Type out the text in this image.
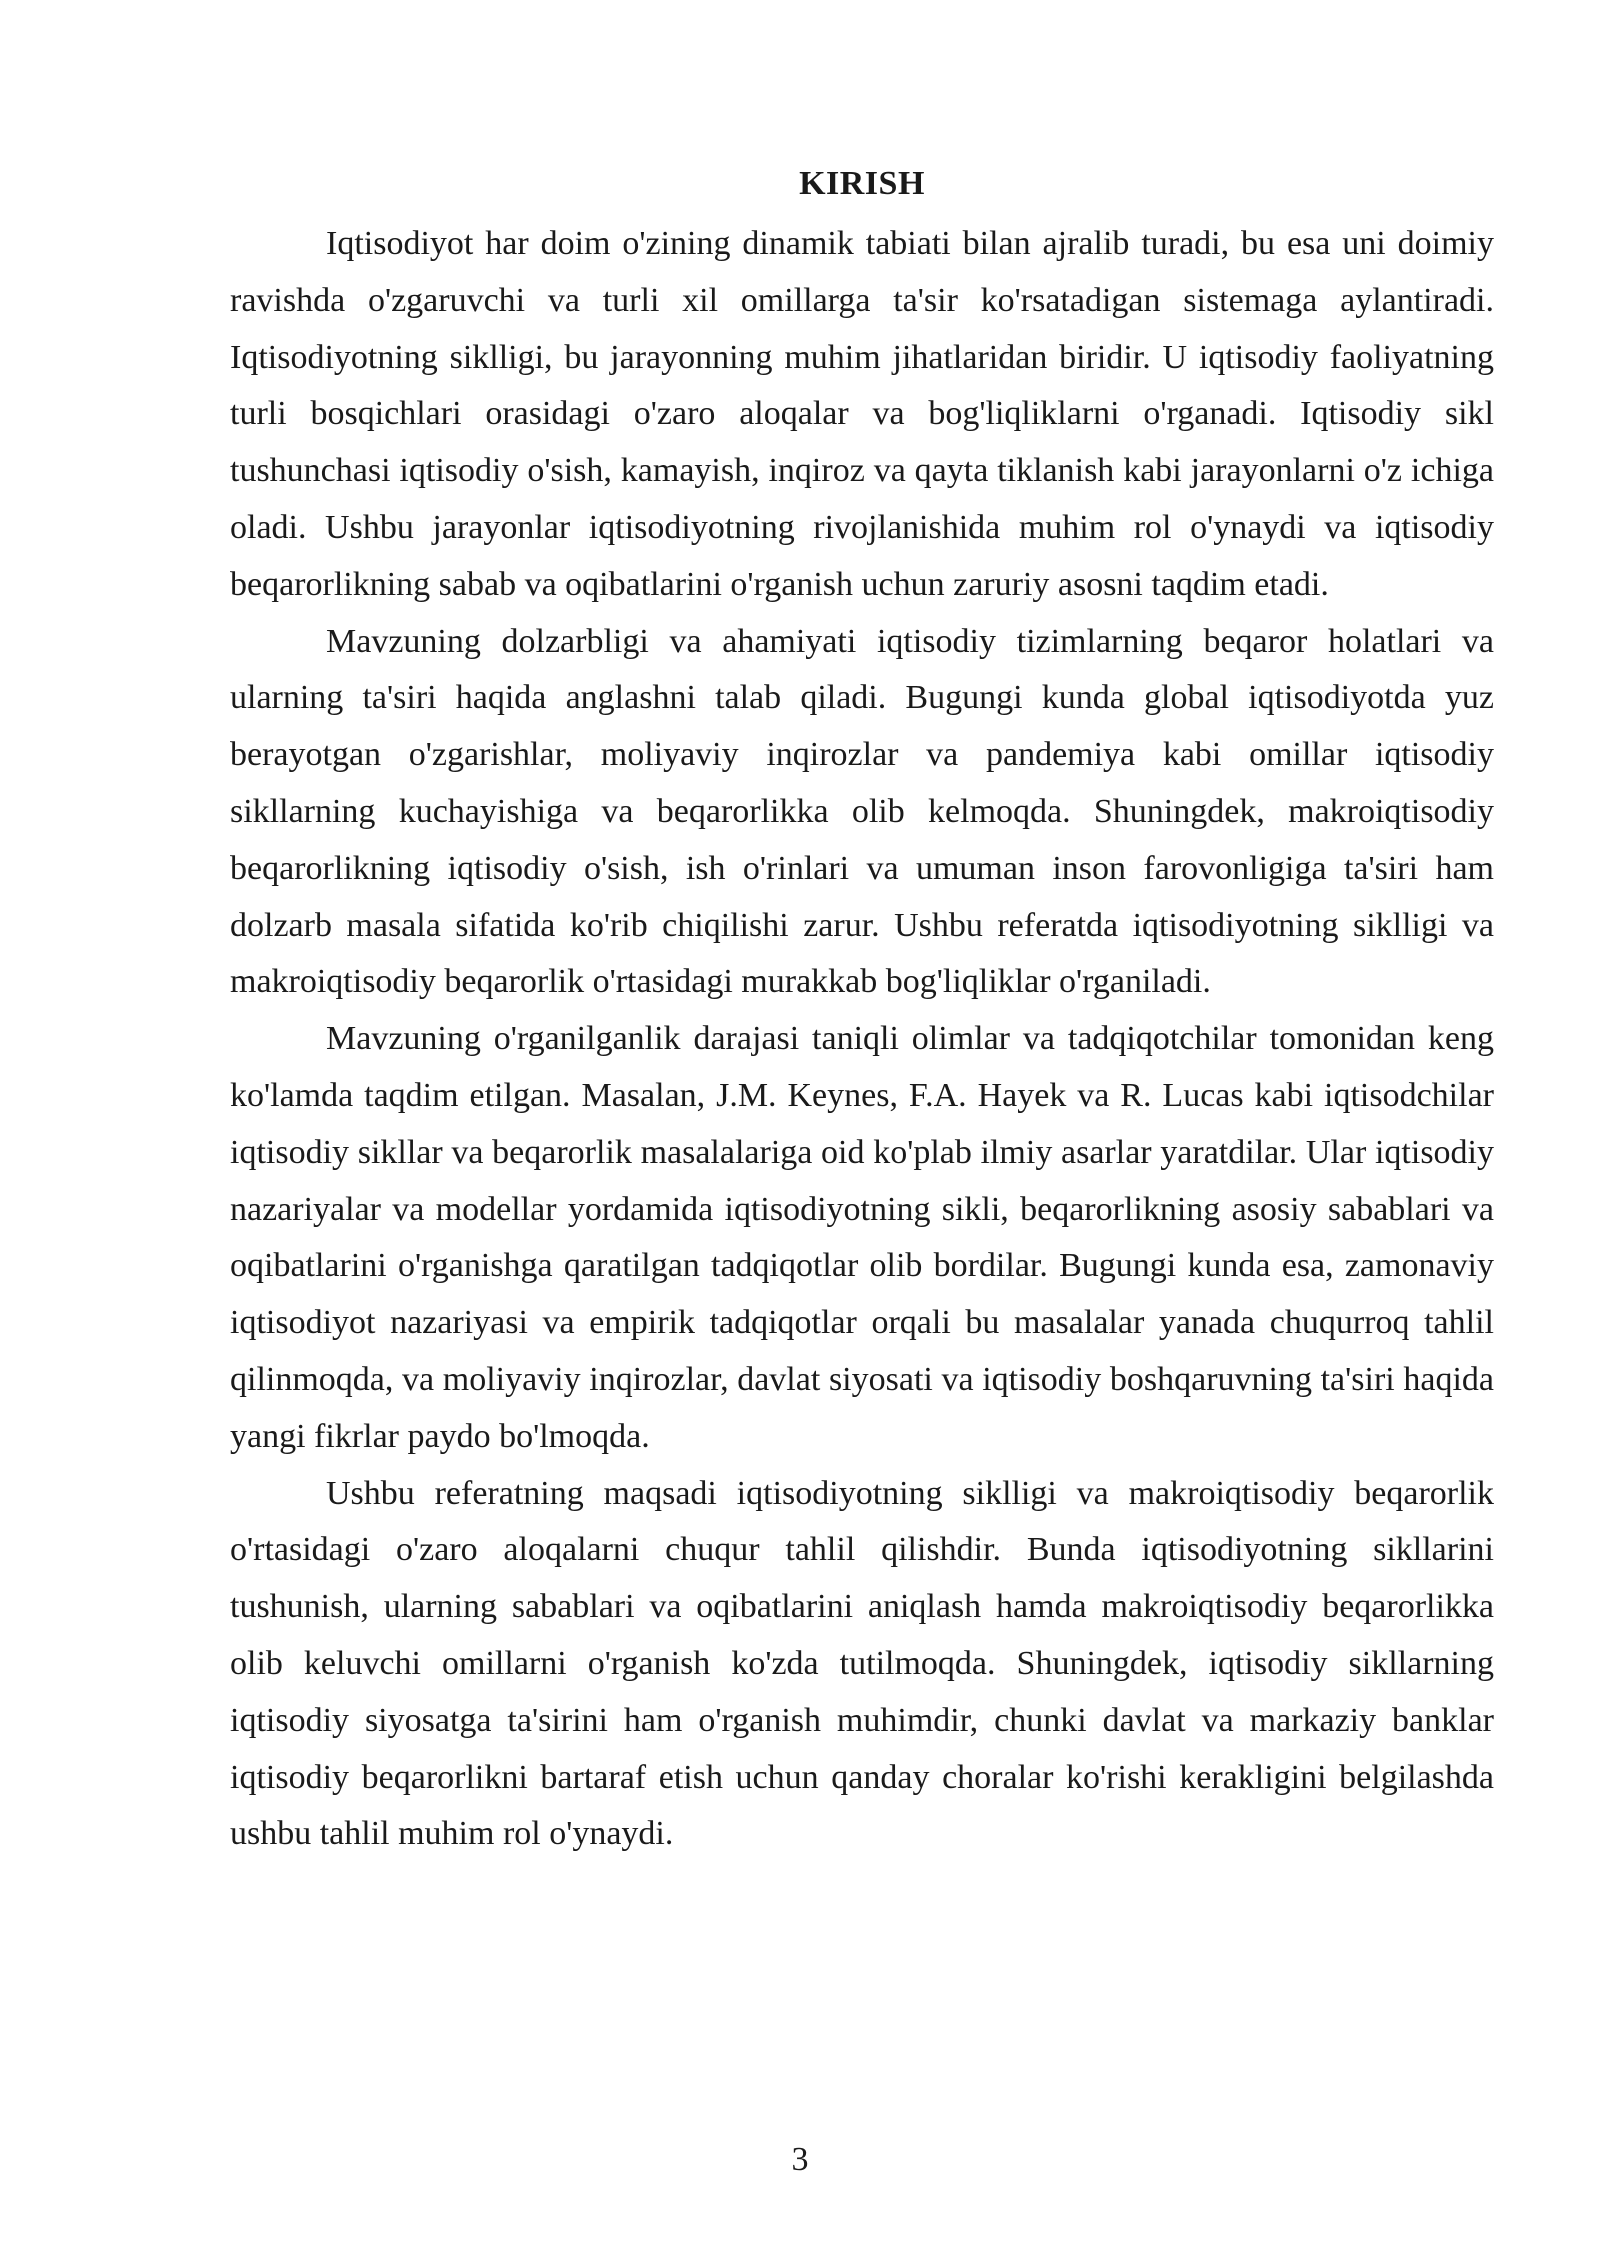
KIRISH

Iqtisodiyot har doim o'zining dinamik tabiati bilan ajralib turadi, bu esa uni doimiy ravishda o'zgaruvchi va turli xil omillarga ta'sir ko'rsatadigan sistemaga aylantiradi. Iqtisodiyotning siklligi, bu jarayonning muhim jihatlaridan biridir. U iqtisodiy faoliyatning turli bosqichlari orasidagi o'zaro aloqalar va bog'liqliklarni o'rganadi. Iqtisodiy sikl tushunchasi iqtisodiy o'sish, kamayish, inqiroz va qayta tiklanish kabi jarayonlarni o'z ichiga oladi. Ushbu jarayonlar iqtisodiyotning rivojlanishida muhim rol o'ynaydi va iqtisodiy beqarorlikning sabab va oqibatlarini o'rganish uchun zaruriy asosni taqdim etadi.

Mavzuning dolzarbligi va ahamiyati iqtisodiy tizimlarning beqaror holatlari va ularning ta'siri haqida anglashni talab qiladi. Bugungi kunda global iqtisodiyotda yuz berayotgan o'zgarishlar, moliyaviy inqirozlar va pandemiya kabi omillar iqtisodiy sikllarning kuchayishiga va beqarorlikka olib kelmoqda. Shuningdek, makroiqtisodiy beqarorlikning iqtisodiy o'sish, ish o'rinlari va umuman inson farovonligiga ta'siri ham dolzarb masala sifatida ko'rib chiqilishi zarur. Ushbu referatda iqtisodiyotning siklligi va makroiqtisodiy beqarorlik o'rtasidagi murakkab bog'liqliklar o'rganiladi.

Mavzuning o'rganilganlik darajasi taniqli olimlar va tadqiqotchilar tomonidan keng ko'lamda taqdim etilgan. Masalan, J.M. Keynes, F.A. Hayek va R. Lucas kabi iqtisodchilar iqtisodiy sikllar va beqarorlik masalalariga oid ko'plab ilmiy asarlar yaratdilar. Ular iqtisodiy nazariyalar va modellar yordamida iqtisodiyotning sikli, beqarorlikning asosiy sabablari va oqibatlarini o'rganishga qaratilgan tadqiqotlar olib bordilar. Bugungi kunda esa, zamonaviy iqtisodiyot nazariyasi va empirik tadqiqotlar orqali bu masalalar yanada chuqurroq tahlil qilinmoqda, va moliyaviy inqirozlar, davlat siyosati va iqtisodiy boshqaruvning ta'siri haqida yangi fikrlar paydo bo'lmoqda.

Ushbu referatning maqsadi iqtisodiyotning siklligi va makroiqtisodiy beqarorlik o'rtasidagi o'zaro aloqalarni chuqur tahlil qilishdir. Bunda iqtisodiyotning sikllarini tushunish, ularning sabablari va oqibatlarini aniqlash hamda makroiqtisodiy beqarorlikka olib keluvchi omillarni o'rganish ko'zda tutilmoqda. Shuningdek, iqtisodiy sikllarning iqtisodiy siyosatga ta'sirini ham o'rganish muhimdir, chunki davlat va markaziy banklar iqtisodiy beqarorlikni bartaraf etish uchun qanday choralar ko'rishi kerakligini belgilashda ushbu tahlil muhim rol o'ynaydi.

3
